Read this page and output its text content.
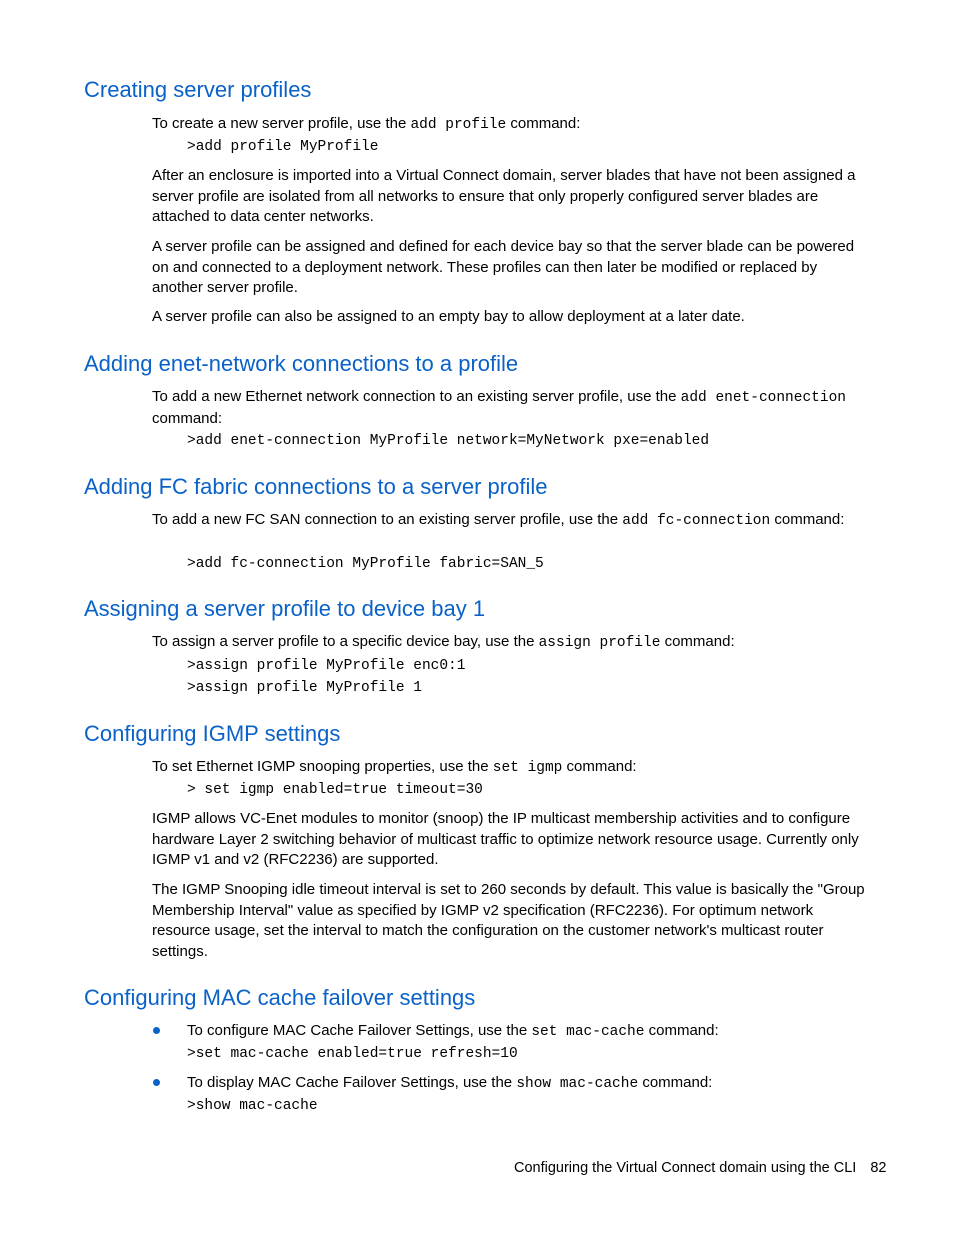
Creating server profiles

To create a new server profile, use the add profile command:

>add profile MyProfile

After an enclosure is imported into a Virtual Connect domain, server blades that have not been assigned a server profile are isolated from all networks to ensure that only properly configured server blades are attached to data center networks.

A server profile can be assigned and defined for each device bay so that the server blade can be powered on and connected to a deployment network. These profiles can then later be modified or replaced by another server profile.

A server profile can also be assigned to an empty bay to allow deployment at a later date.

Adding enet-network connections to a profile

To add a new Ethernet network connection to an existing server profile, use the add enet-connection command:

>add enet-connection MyProfile network=MyNetwork pxe=enabled
Adding FC fabric connections to a server profile

To add a new FC SAN connection to an existing server profile, use the add fc-connection command:

>add fc-connection MyProfile fabric=SAN_5
Assigning a server profile to device bay 1

To assign a server profile to a specific device bay, use the assign profile command:

>assign profile MyProfile enc0:1
>assign profile MyProfile 1
Configuring IGMP settings

To set Ethernet IGMP snooping properties, use the set igmp command:

> set igmp enabled=true timeout=30

IGMP allows VC-Enet modules to monitor (snoop) the IP multicast membership activities and to configure hardware Layer 2 switching behavior of multicast traffic to optimize network resource usage. Currently only IGMP v1 and v2 (RFC2236) are supported.

The IGMP Snooping idle timeout interval is set to 260 seconds by default. This value is basically the "Group Membership Interval" value as specified by IGMP v2 specification (RFC2236). For optimum network resource usage, set the interval to match the configuration on the customer network's multicast router settings.

Configuring MAC cache failover settings

To configure MAC Cache Failover Settings, use the set mac-cache command:

>set mac-cache enabled=true refresh=10

To display MAC Cache Failover Settings, use the show mac-cache command:

>show mac-cache
Configuring the Virtual Connect domain using the CLI 82
